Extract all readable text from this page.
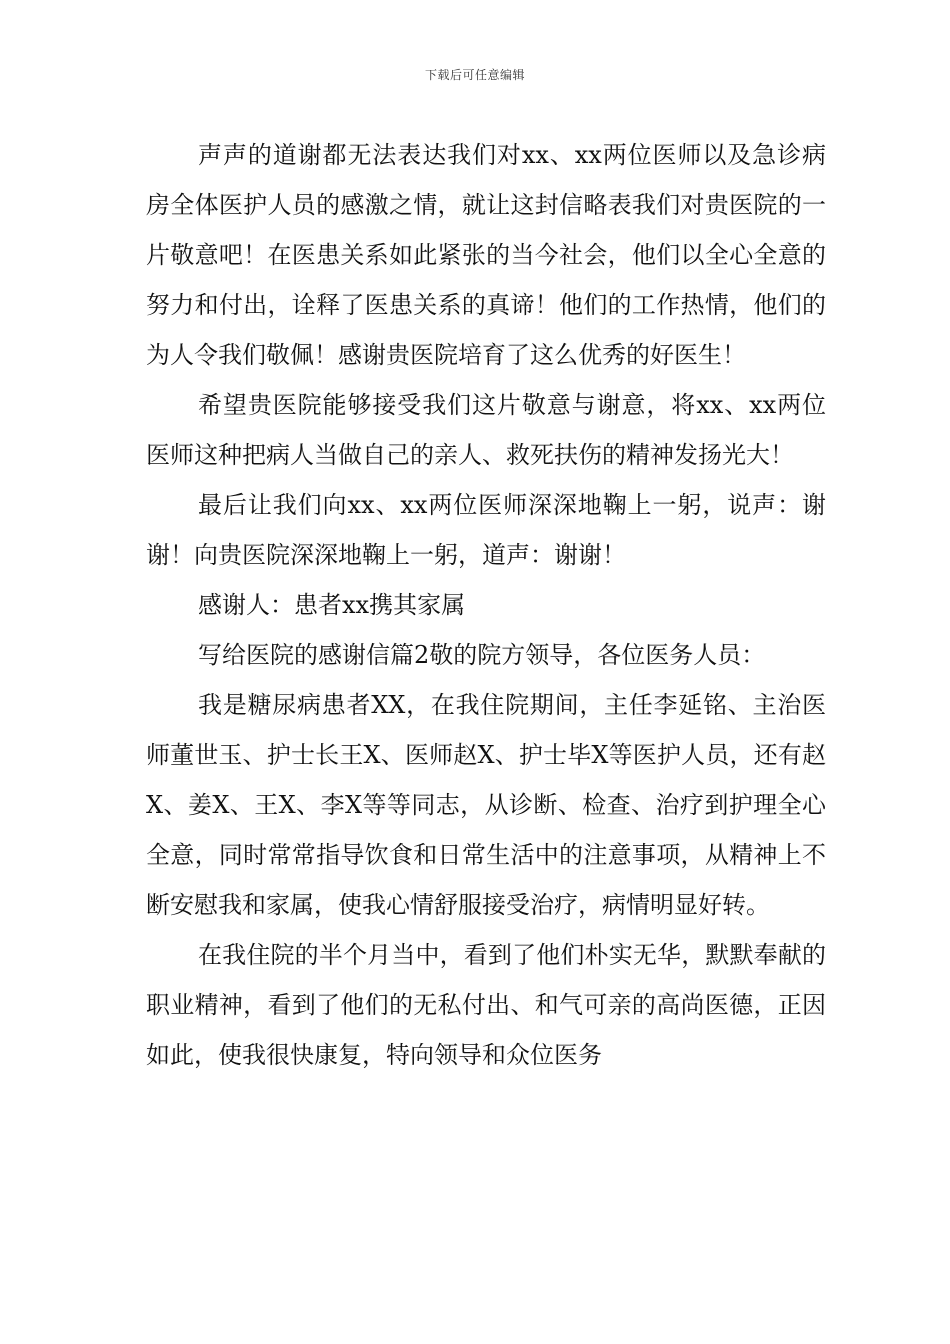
下载后可任意编辑

声声的道谢都无法表达我们对xx、xx两位医师以及急诊病房全体医护人员的感激之情，就让这封信略表我们对贵医院的一片敬意吧！在医患关系如此紧张的当今社会，他们以全心全意的努力和付出，诠释了医患关系的真谛！他们的工作热情，他们的为人令我们敬佩！感谢贵医院培育了这么优秀的好医生！

希望贵医院能够接受我们这片敬意与谢意，将xx、xx两位医师这种把病人当做自己的亲人、救死扶伤的精神发扬光大！

最后让我们向xx、xx两位医师深深地鞠上一躬，说声：谢谢！向贵医院深深地鞠上一躬，道声：谢谢！

感谢人：患者xx携其家属

写给医院的感谢信篇2敬的院方领导，各位医务人员：

我是糖尿病患者XX，在我住院期间，主任李延铭、主治医师董世玉、护士长王X、医师赵X、护士毕X等医护人员，还有赵X、姜X、王X、李X等等同志，从诊断、检查、治疗到护理全心全意，同时常常指导饮食和日常生活中的注意事项，从精神上不断安慰我和家属，使我心情舒服接受治疗，病情明显好转。

在我住院的半个月当中，看到了他们朴实无华，默默奉献的职业精神，看到了他们的无私付出、和气可亲的高尚医德，正因如此，使我很快康复，特向领导和众位医务
